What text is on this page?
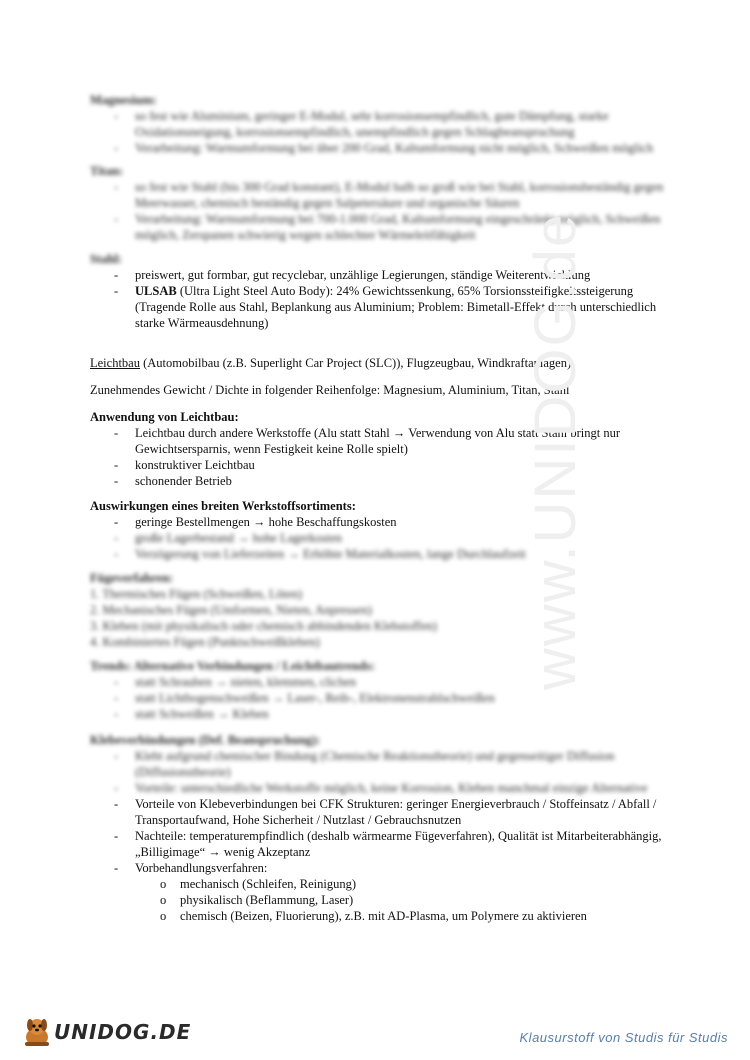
Magnesium:
- so fest wie Aluminium, geringer E-Modul, sehr korrosionsempfindlich, gute Dämpfung, starke Oxidationsneigung, korrosionsempfindlich, unempfindlich gegen Schlagbeanspruchung
- Verarbeitung: Warmumformung bei über 200 Grad, Kaltumformung nicht möglich, Schweißen möglich
Titan:
- so fest wie Stahl (bis 300 Grad konstant), E-Modul halb so groß wie bei Stahl, korrosionsbeständig gegen Meerwasser, chemisch beständig gegen Salpetersäure und organische Säuren
- Verarbeitung: Warmumformung bei 700-1.000 Grad, Kaltumformung eingeschränkt möglich, Schweißen möglich, Zerspanen schwierig wegen schlechter Wärmeleitfähigkeit
Stahl:
- preiswert, gut formbar, gut recyclebar, unzählige Legierungen, ständige Weiterentwicklung
- ULSAB (Ultra Light Steel Auto Body): 24% Gewichtssenkung, 65% Torsionssteifigkeitssteigerung (Tragende Rolle aus Stahl, Beplankung aus Aluminium; Problem: Bimetall-Effekt durch unterschiedlich starke Wärmeausdehnung)
Leichtbau (Automobilbau (z.B. Superlight Car Project (SLC)), Flugzeugbau, Windkraftanlagen)
Zunehmendes Gewicht / Dichte in folgender Reihenfolge: Magnesium, Aluminium, Titan, Stahl
Anwendung von Leichtbau:
- Leichtbau durch andere Werkstoffe (Alu statt Stahl → Verwendung von Alu statt Stahl bringt nur Gewichtsersparnis, wenn Festigkeit keine Rolle spielt)
- konstruktiver Leichtbau
- schonender Betrieb
Auswirkungen eines breiten Werkstoffsortiments:
- geringe Bestellmengen → hohe Beschaffungskosten
- große Lagerbestand → hohe Lagerkosten
- Verzögerung von Lieferzeiten → Erhöhte Materialkosten, lange Durchlaufzeit
Fügeverfahren:
1. Thermisches Fügen (Schweißen, Löten)
2. Mechanisches Fügen (Umformen, Nieten, Anpressen)
3. Kleben (mit physikalisch oder chemisch abbindenden Klebstoffen)
4. Kombiniertes Fügen (Punktschweißkleben)
Trends: Alternative Verbindungen / Leichtbautrends:
- statt Schrauben → nieten, klemmen, clichen
- statt Lichtbogenschweißen → Laser-, Reib-, Elektronenstrahlschweißen
- statt Schweißen → Kleben
Klebeverbindungen (Def. Beanspruchung):
- Klebt aufgrund chemischer Bindung (Chemische Reaktionstheorie) und gegenseitiger Diffusion (Diffusionstheorie)
- Vorteile: unterschiedliche Werkstoffe möglich, keine Korrosion, Kleben manchmal einzige Alternative
- Vorteile von Klebeverbindungen bei CFK Strukturen: geringer Energieverbrauch / Stoffeinsatz / Abfall / Transportaufwand, Hohe Sicherheit / Nutzlast / Gebrauchsnutzen
- Nachteile: temperaturempfindlich (deshalb wärmearme Fügeverfahren), Qualität ist Mitarbeiterabhängig, „Billigimage“ → wenig Akzeptanz
- Vorbehandlungsverfahren:
o mechanisch (Schleifen, Reinigung)
o physikalisch (Beflammung, Laser)
o chemisch (Beizen, Fluorierung), z.B. mit AD-Plasma, um Polymere zu aktivieren
www.UNIDOG.de
UNIDOG.DE	Klausurstoff von Studis für Studis
